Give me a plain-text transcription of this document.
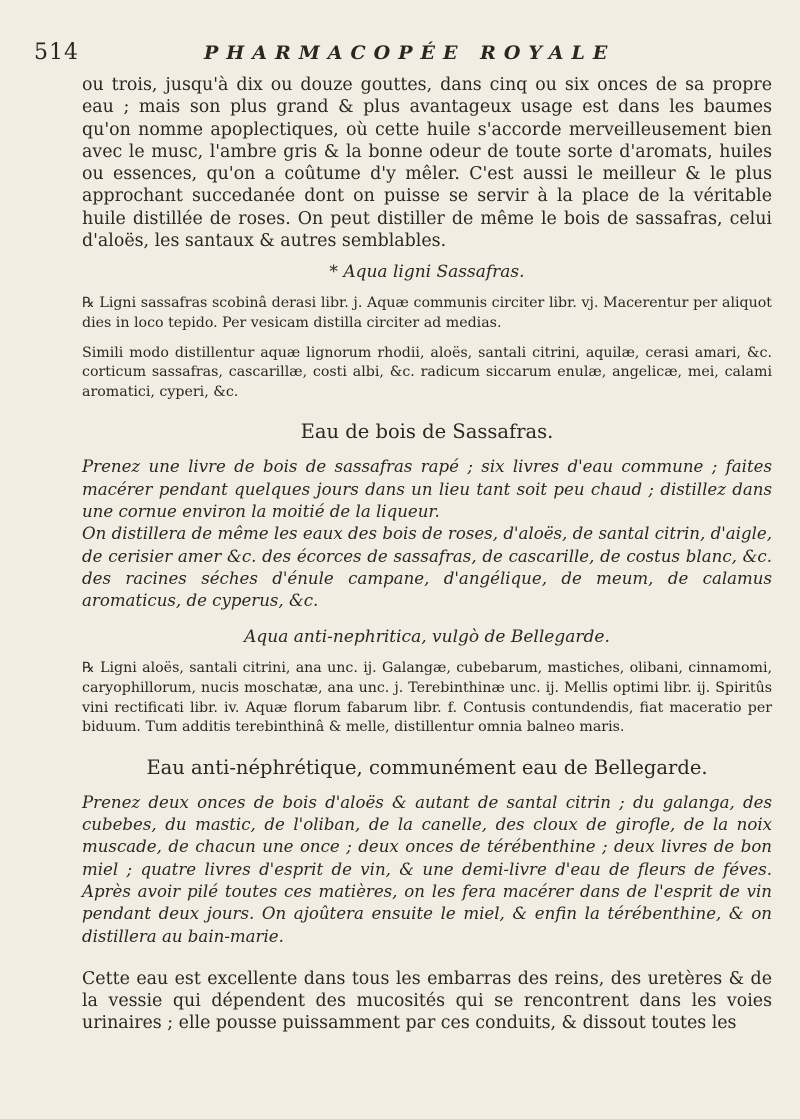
514	PHARMACOPÉE ROYALE

ou trois, jusqu'à dix ou douze gouttes, dans cinq ou six onces de sa propre eau ; mais son plus grand & plus avantageux usage est dans les baumes qu'on nomme apoplectiques, où cette huile s'accorde merveilleusement bien avec le musc, l'ambre gris & la bonne odeur de toute sorte d'aromats, huiles ou essences, qu'on a coûtume d'y mêler. C'est aussi le meilleur & le plus approchant succedanée dont on puisse se servir à la place de la véritable huile distillée de roses. On peut distiller de même le bois de sassafras, celui d'aloës, les santaux & autres semblables.

* Aqua ligni Sassafras.

℞ Ligni sassafras scobinâ derasi libr. j. Aquæ communis circiter libr. vj. Macerentur per aliquot dies in loco tepido. Per vesicam distilla circiter ad medias.

Simili modo distillentur aquæ lignorum rhodii, aloës, santali citrini, aquilæ, cerasi amari, &c. corticum sassafras, cascarillæ, costi albi, &c. radicum siccarum enulæ, angelicæ, mei, calami aromatici, cyperi, &c.

Eau de bois de Sassafras.

Prenez une livre de bois de sassafras rapé ; six livres d'eau commune ; faites macérer pendant quelques jours dans un lieu tant soit peu chaud ; distillez dans une cornue environ la moitié de la liqueur.

On distillera de même les eaux des bois de roses, d'aloës, de santal citrin, d'aigle, de cerisier amer &c. des écorces de sassafras, de cascarille, de costus blanc, &c. des racines séches d'énule campane, d'angélique, de meum, de calamus aromaticus, de cyperus, &c.

Aqua anti-nephritica, vulgò de Bellegarde.

℞ Ligni aloës, santali citrini, ana unc. ij. Galangæ, cubebarum, mastiches, olibani, cinnamomi, caryophillorum, nucis moschatæ, ana unc. j. Terebinthinæ unc. ij. Mellis optimi libr. ij. Spiritûs vini rectificati libr. iv. Aquæ florum fabarum libr. f. Contusis contundendis, fiat maceratio per biduum. Tum additis terebinthinâ & melle, distillentur omnia balneo maris.

Eau anti-néphrétique, communément eau de Bellegarde.

Prenez deux onces de bois d'aloës & autant de santal citrin ; du galanga, des cubebes, du mastic, de l'oliban, de la canelle, des cloux de girofle, de la noix muscade, de chacun une once ; deux onces de térébenthine ; deux livres de bon miel ; quatre livres d'esprit de vin, & une demi-livre d'eau de fleurs de féves. Après avoir pilé toutes ces matières, on les fera macérer dans de l'esprit de vin pendant deux jours. On ajoûtera ensuite le miel, & enfin la térébenthine, & on distillera au bain-marie.

Cette eau est excellente dans tous les embarras des reins, des uretères & de la vessie qui dépendent des mucosités qui se rencontrent dans les voies urinaires ; elle pousse puissamment par ces conduits, & dissout toutes les
